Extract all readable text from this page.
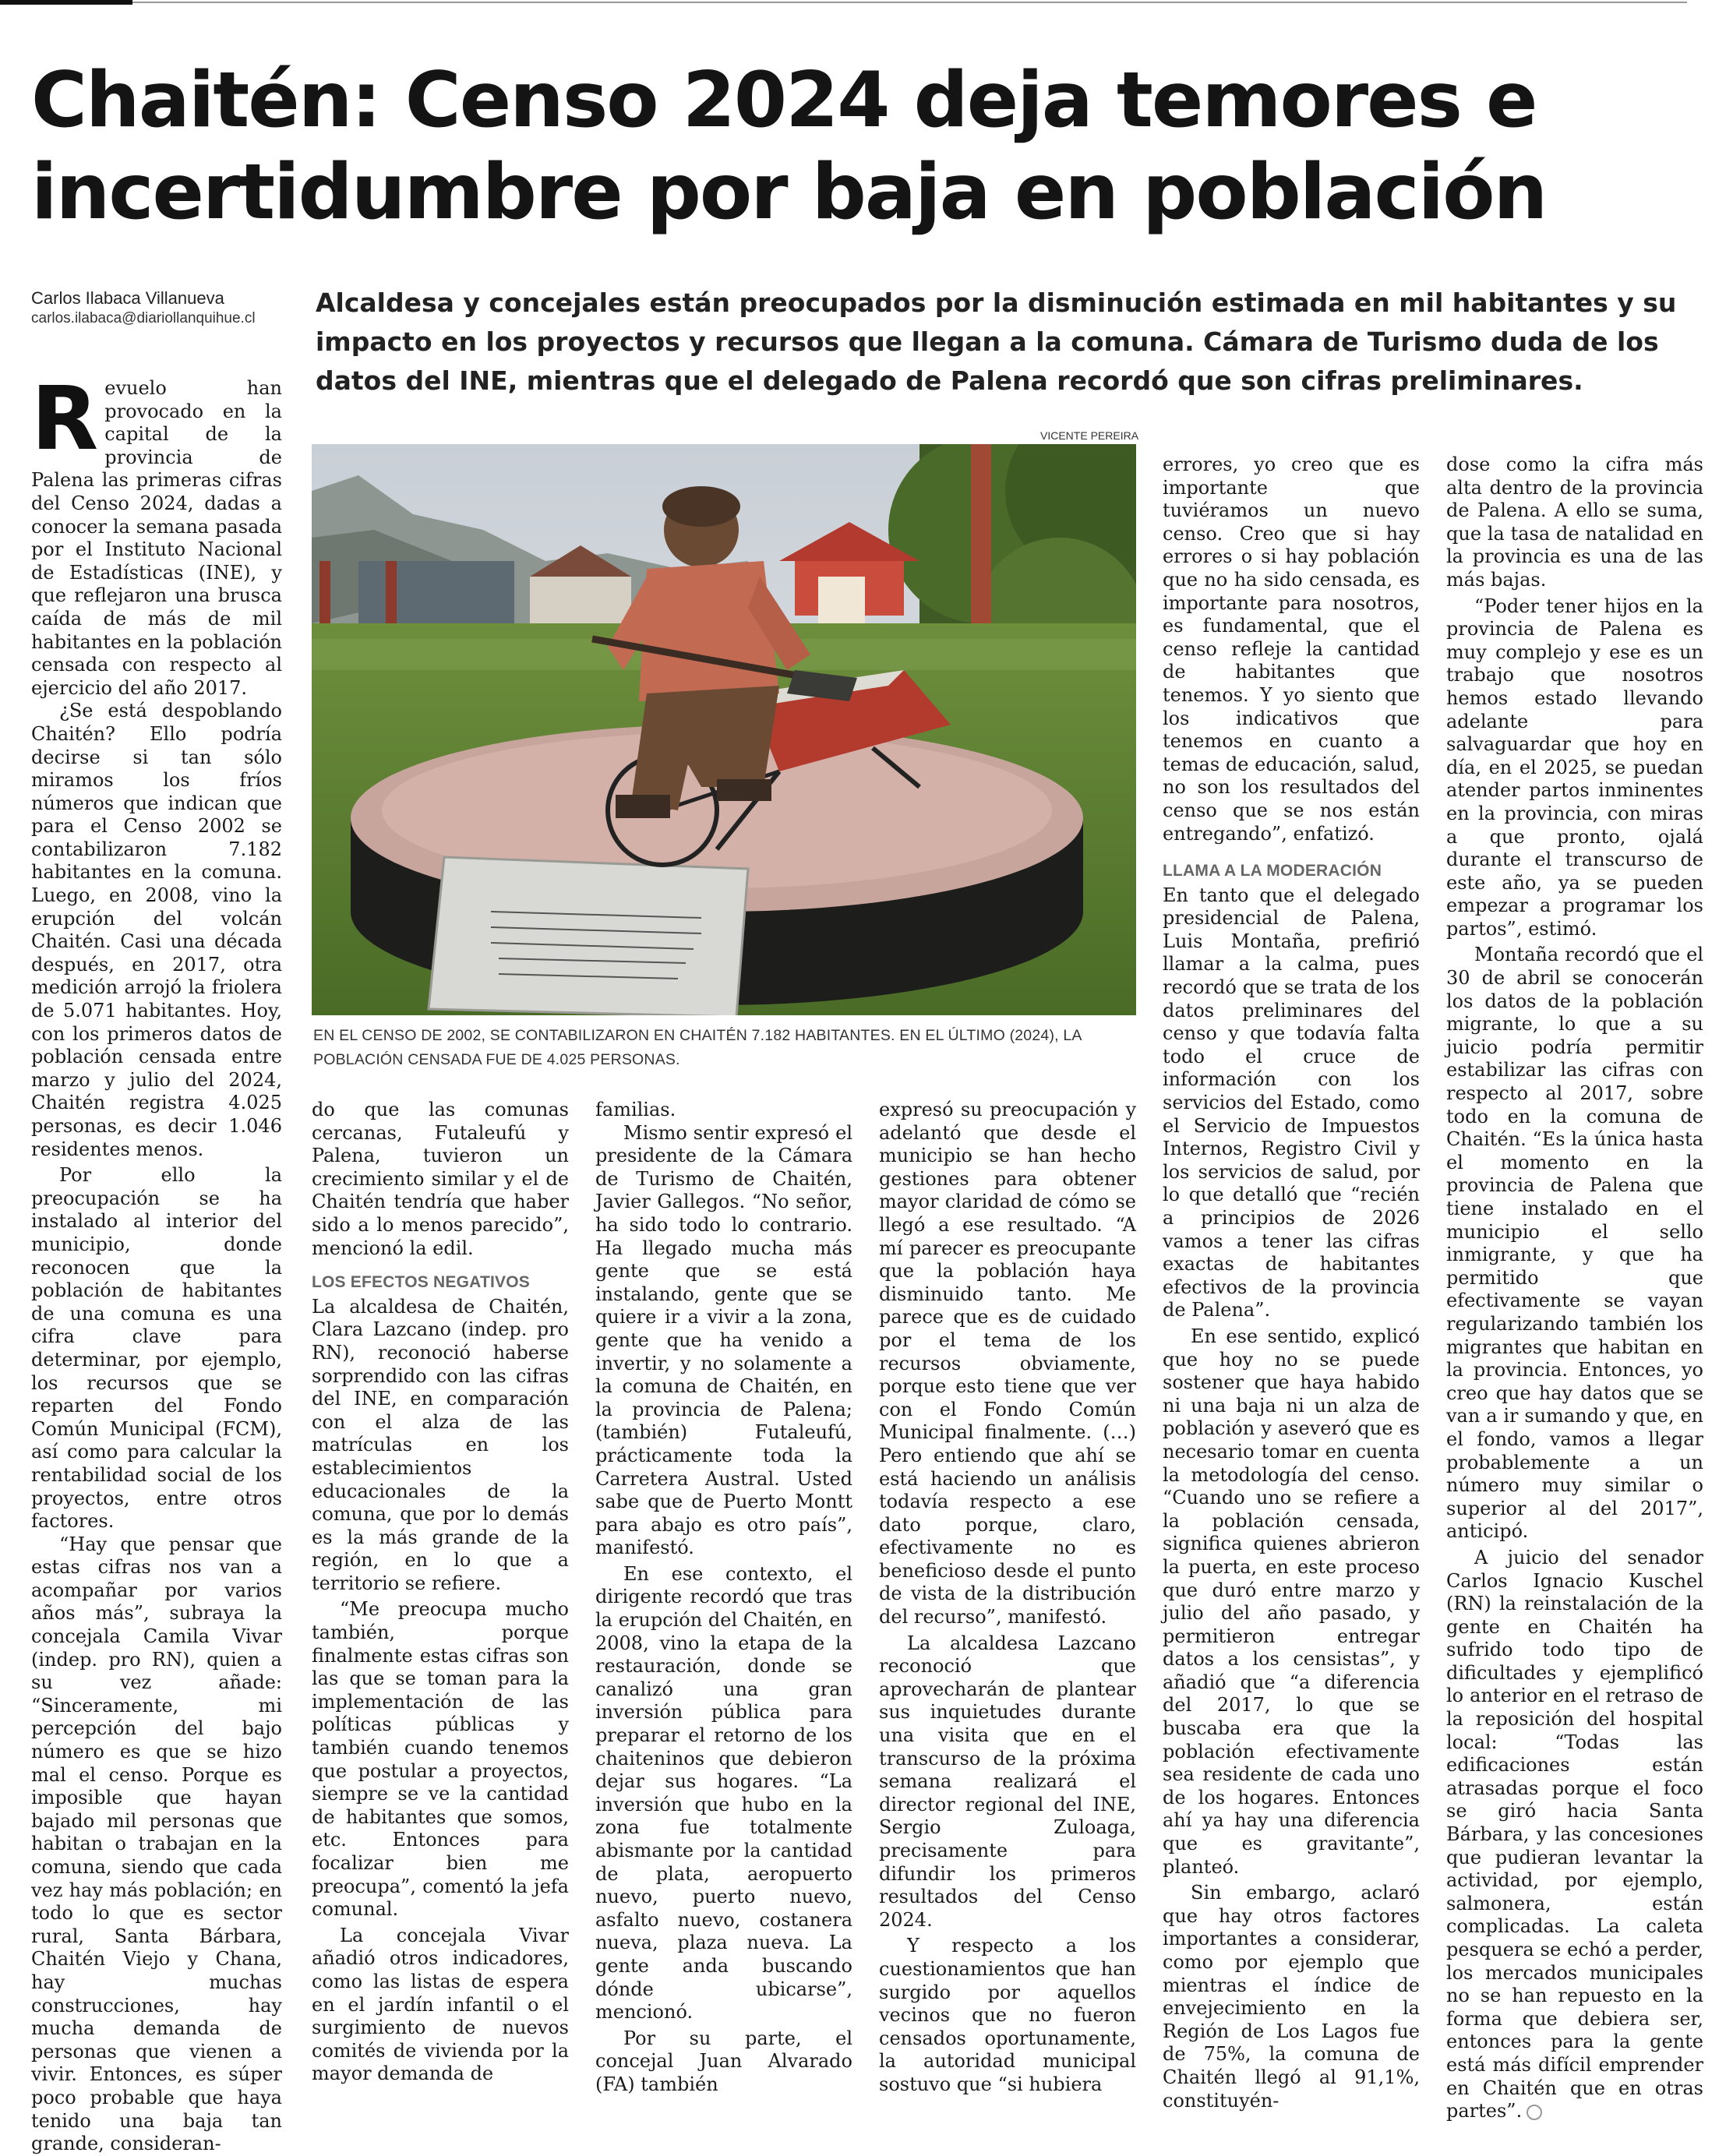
Chaitén: Censo 2024 deja temores e incertidumbre por baja en población
Carlos Ilabaca Villanueva
carlos.ilabaca@diariollanquihue.cl

Alcaldesa y concejales están preocupados por la disminución estimada en mil habitantes y su impacto en los proyectos y recursos que llegan a la comuna. Cámara de Turismo duda de los datos del INE, mientras que el delegado de Palena recordó que son cifras preliminares.

Revuelo han provocado en la capital de la provincia de Palena las primeras cifras del Censo 2024, dadas a conocer la semana pasada por el Instituto Nacional de Estadísticas (INE), y que reflejaron una brusca caída de más de mil habitantes en la población censada con respecto al ejercicio del año 2017.

¿Se está despoblando Chaitén? Ello podría decirse si tan sólo miramos los fríos números que indican que para el Censo 2002 se contabilizaron 7.182 habitantes en la comuna. Luego, en 2008, vino la erupción del volcán Chaitén. Casi una década después, en 2017, otra medición arrojó la friolera de 5.071 habitantes. Hoy, con los primeros datos de población censada entre marzo y julio del 2024, Chaitén registra 4.025 personas, es decir 1.046 residentes menos.

Por ello la preocupación se ha instalado al interior del municipio, donde reconocen que la población de habitantes de una comuna es una cifra clave para determinar, por ejemplo, los recursos que se reparten del Fondo Común Municipal (FCM), así como para calcular la rentabilidad social de los proyectos, entre otros factores.

“Hay que pensar que estas cifras nos van a acompañar por varios años más”, subraya la concejala Camila Vivar (indep. pro RN), quien a su vez añade: “Sinceramente, mi percepción del bajo número es que se hizo mal el censo. Porque es imposible que hayan bajado mil personas que habitan o trabajan en la comuna, siendo que cada vez hay más población; en todo lo que es sector rural, Santa Bárbara, Chaitén Viejo y Chana, hay muchas construcciones, hay mucha demanda de personas que vienen a vivir. Entonces, es súper poco probable que haya tenido una baja tan grande, consideran-

VICENTE PEREIRA

EN EL CENSO DE 2002, SE CONTABILIZARON EN CHAITÉN 7.182 HABITANTES. EN EL ÚLTIMO (2024), LA POBLACIÓN CENSADA FUE DE 4.025 PERSONAS.

do que las comunas cercanas, Futaleufú y Palena, tuvieron un crecimiento similar y el de Chaitén tendría que haber sido a lo menos parecido”, mencionó la edil.

LOS EFECTOS NEGATIVOS

La alcaldesa de Chaitén, Clara Lazcano (indep. pro RN), reconoció haberse sorprendido con las cifras del INE, en comparación con el alza de las matrículas en los establecimientos educacionales de la comuna, que por lo demás es la más grande de la región, en lo que a territorio se refiere.

“Me preocupa mucho también, porque finalmente estas cifras son las que se toman para la implementación de las políticas públicas y también cuando tenemos que postular a proyectos, siempre se ve la cantidad de habitantes que somos, etc. Entonces para focalizar bien me preocupa”, comentó la jefa comunal.

La concejala Vivar añadió otros indicadores, como las listas de espera en el jardín infantil o el surgimiento de nuevos comités de vivienda por la mayor demanda de

familias.

Mismo sentir expresó el presidente de la Cámara de Turismo de Chaitén, Javier Gallegos. “No señor, ha sido todo lo contrario. Ha llegado mucha más gente que se está instalando, gente que se quiere ir a vivir a la zona, gente que ha venido a invertir, y no solamente a la comuna de Chaitén, en la provincia de Palena; (también) Futaleufú, prácticamente toda la Carretera Austral. Usted sabe que de Puerto Montt para abajo es otro país”, manifestó.

En ese contexto, el dirigente recordó que tras la erupción del Chaitén, en 2008, vino la etapa de la restauración, donde se canalizó una gran inversión pública para preparar el retorno de los chaiteninos que debieron dejar sus hogares. “La inversión que hubo en la zona fue totalmente abismante por la cantidad de plata, aeropuerto nuevo, puerto nuevo, asfalto nuevo, costanera nueva, plaza nueva. La gente anda buscando dónde ubicarse”, mencionó.

Por su parte, el concejal Juan Alvarado (FA) también

expresó su preocupación y adelantó que desde el municipio se han hecho gestiones para obtener mayor claridad de cómo se llegó a ese resultado. “A mí parecer es preocupante que la población haya disminuido tanto. Me parece que es de cuidado por el tema de los recursos obviamente, porque esto tiene que ver con el Fondo Común Municipal finalmente. (…) Pero entiendo que ahí se está haciendo un análisis todavía respecto a ese dato porque, claro, efectivamente no es beneficioso desde el punto de vista de la distribución del recurso”, manifestó.

La alcaldesa Lazcano reconoció que aprovecharán de plantear sus inquietudes durante una visita que en el transcurso de la próxima semana realizará el director regional del INE, Sergio Zuloaga, precisamente para difundir los primeros resultados del Censo 2024.

Y respecto a los cuestionamientos que han surgido por aquellos vecinos que no fueron censados oportunamente, la autoridad municipal sostuvo que “si hubiera

errores, yo creo que es importante que tuviéramos un nuevo censo. Creo que si hay errores o si hay población que no ha sido censada, es importante para nosotros, es fundamental, que el censo refleje la cantidad de habitantes que tenemos. Y yo siento que los indicativos que tenemos en cuanto a temas de educación, salud, no son los resultados del censo que se nos están entregando”, enfatizó.

LLAMA A LA MODERACIÓN

En tanto que el delegado presidencial de Palena, Luis Montaña, prefirió llamar a la calma, pues recordó que se trata de los datos preliminares del censo y que todavía falta todo el cruce de información con los servicios del Estado, como el Servicio de Impuestos Internos, Registro Civil y los servicios de salud, por lo que detalló que “recién a principios de 2026 vamos a tener las cifras exactas de habitantes efectivos de la provincia de Palena”.

En ese sentido, explicó que hoy no se puede sostener que haya habido ni una baja ni un alza de población y aseveró que es necesario tomar en cuenta la metodología del censo. “Cuando uno se refiere a la población censada, significa quienes abrieron la puerta, en este proceso que duró entre marzo y julio del año pasado, y permitieron entregar datos a los censistas”, y añadió que “a diferencia del 2017, lo que se buscaba era que la población efectivamente sea residente de cada uno de los hogares. Entonces ahí ya hay una diferencia que es gravitante”, planteó.

Sin embargo, aclaró que hay otros factores importantes a considerar, como por ejemplo que mientras el índice de envejecimiento en la Región de Los Lagos fue de 75%, la comuna de Chaitén llegó al 91,1%, constituyén-

dose como la cifra más alta dentro de la provincia de Palena. A ello se suma, que la tasa de natalidad en la provincia es una de las más bajas.

“Poder tener hijos en la provincia de Palena es muy complejo y ese es un trabajo que nosotros hemos estado llevando adelante para salvaguardar que hoy en día, en el 2025, se puedan atender partos inminentes en la provincia, con miras a que pronto, ojalá durante el transcurso de este año, ya se pueden empezar a programar los partos”, estimó.

Montaña recordó que el 30 de abril se conocerán los datos de la población migrante, lo que a su juicio podría permitir estabilizar las cifras con respecto al 2017, sobre todo en la comuna de Chaitén. “Es la única hasta el momento en la provincia de Palena que tiene instalado en el municipio el sello inmigrante, y que ha permitido que efectivamente se vayan regularizando también los migrantes que habitan en la provincia. Entonces, yo creo que hay datos que se van a ir sumando y que, en el fondo, vamos a llegar probablemente a un número muy similar o superior al del 2017”, anticipó.

A juicio del senador Carlos Ignacio Kuschel (RN) la reinstalación de la gente en Chaitén ha sufrido todo tipo de dificultades y ejemplificó lo anterior en el retraso de la reposición del hospital local: “Todas las edificaciones están atrasadas porque el foco se giró hacia Santa Bárbara, y las concesiones que pudieran levantar la actividad, por ejemplo, salmonera, están complicadas. La caleta pesquera se echó a perder, los mercados municipales no se han repuesto en la forma que debiera ser, entonces para la gente está más difícil emprender en Chaitén que en otras partes”.
